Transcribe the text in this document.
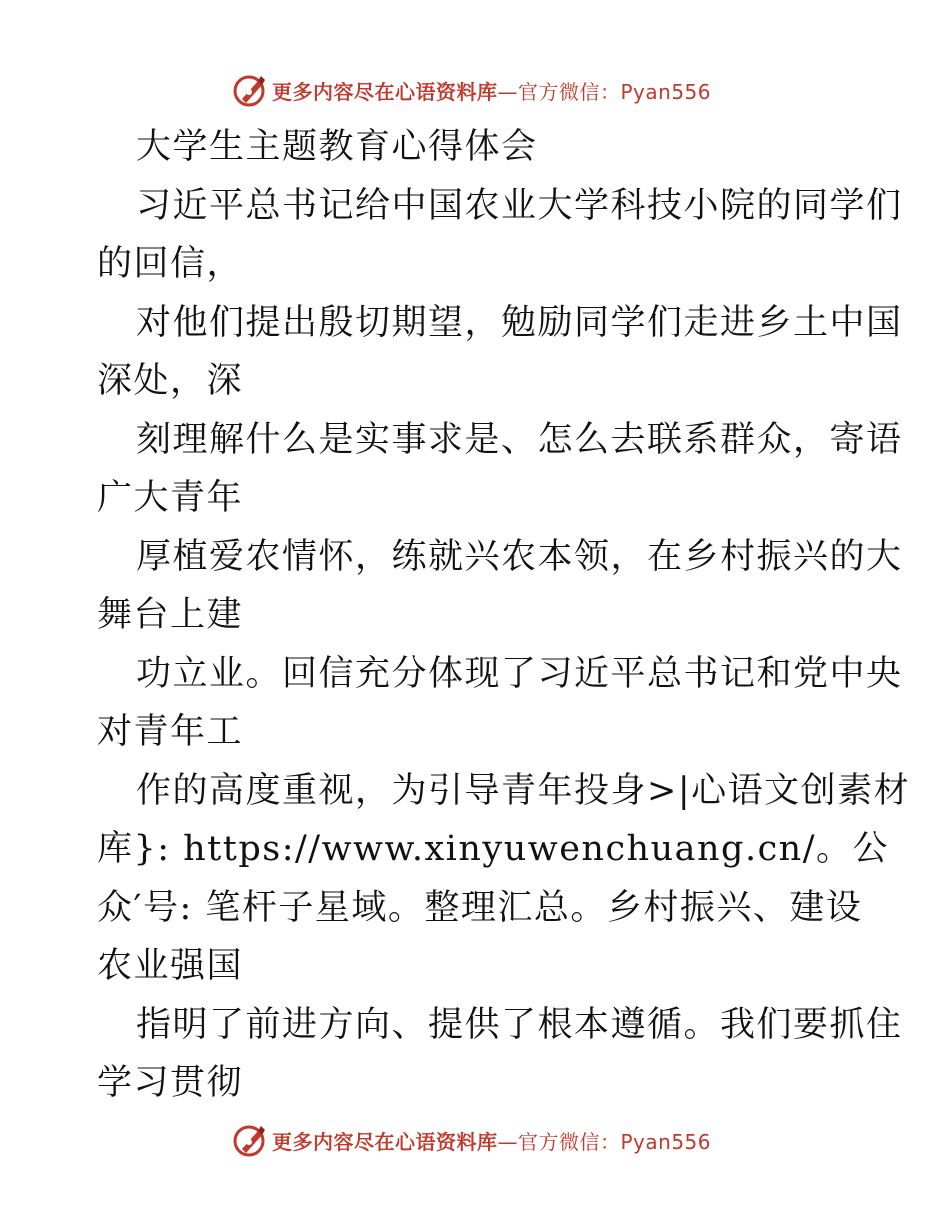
更多内容尽在心语资料库—官方微信：Pyan556
大学生主题教育心得体会
习近平总书记给中国农业大学科技小院的同学们
的回信，
对他们提出殷切期望，勉励同学们走进乡土中国
深处，深
刻理解什么是实事求是、怎么去联系群众，寄语
广大青年
厚植爱农情怀，练就兴农本领，在乡村振兴的大
舞台上建
功立业。回信充分体现了习近平总书记和党中央
对青年工
作的高度重视，为引导青年投身>|心语文创素材
库}: https://www.xinyuwenchuang.cn/。公
众′号: 笔杆子星域。整理汇总。乡村振兴、建设
农业强国
指明了前进方向、提供了根本遵循。我们要抓住
学习贯彻
更多内容尽在心语资料库—官方微信：Pyan556
